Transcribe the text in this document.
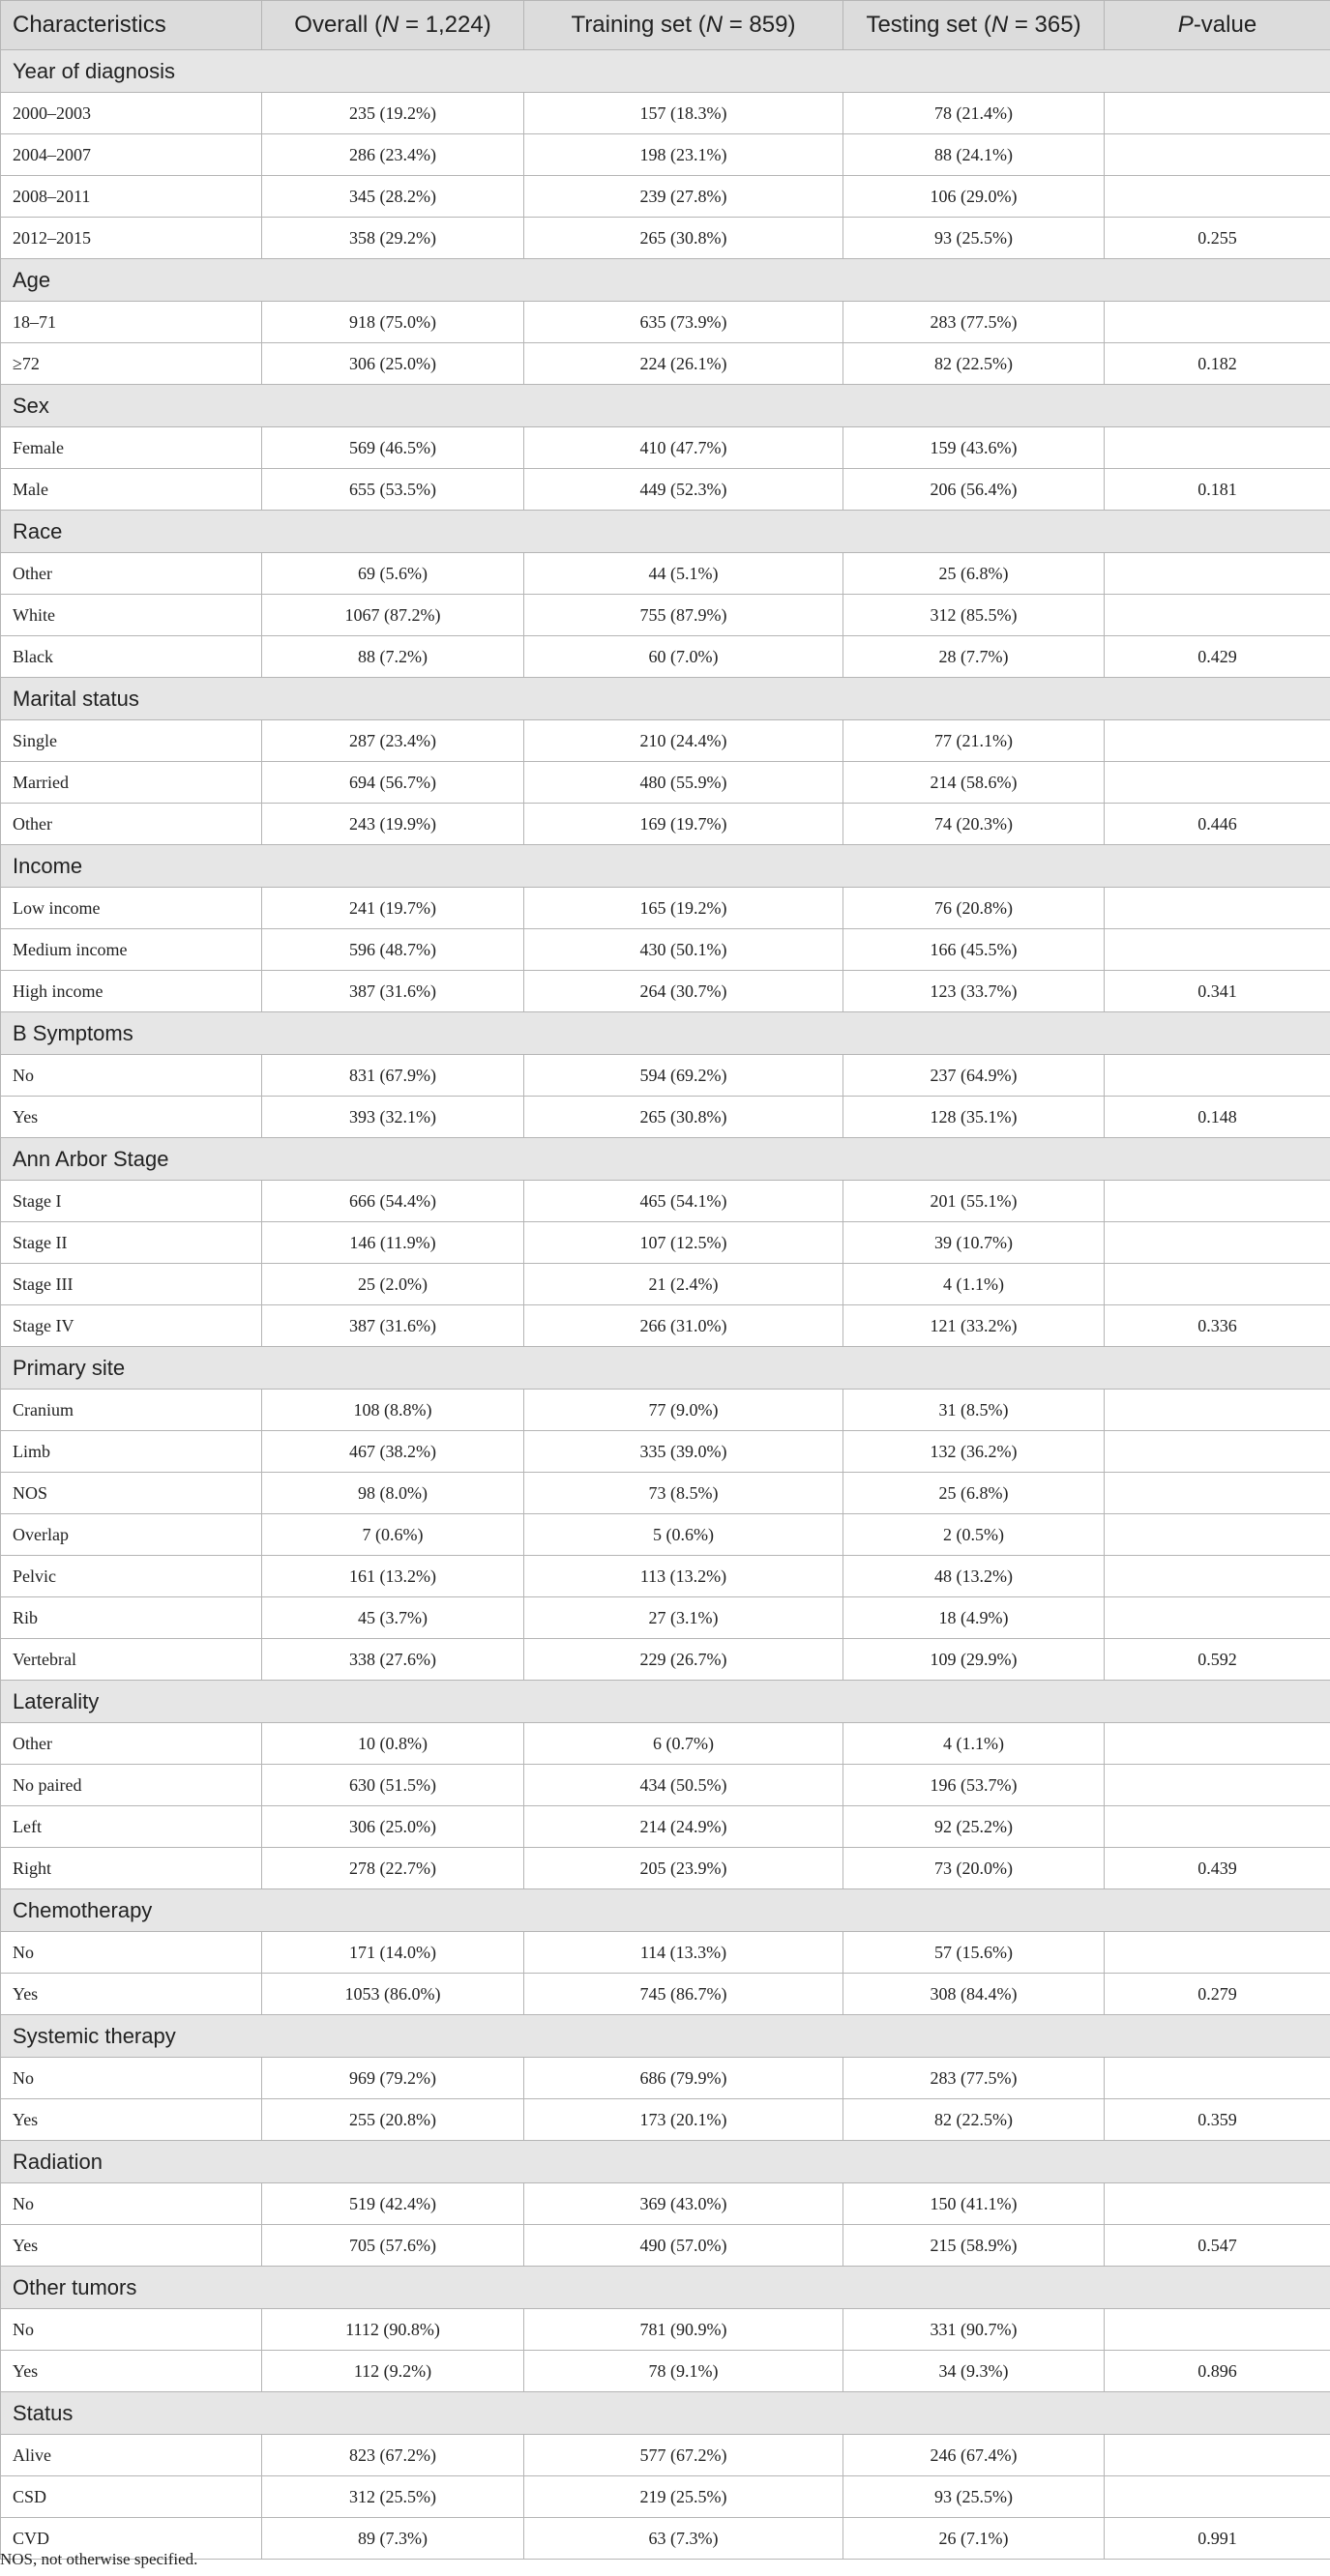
Characteristics	Overall (N = 1,224)	Training set (N = 859)	Testing set (N = 365)	P-value
Year of diagnosis				
2000–2003	235 (19.2%)	157 (18.3%)	78 (21.4%)	
2004–2007	286 (23.4%)	198 (23.1%)	88 (24.1%)	
2008–2011	345 (28.2%)	239 (27.8%)	106 (29.0%)	
2012–2015	358 (29.2%)	265 (30.8%)	93 (25.5%)	0.255
Age				
18–71	918 (75.0%)	635 (73.9%)	283 (77.5%)	
≥72	306 (25.0%)	224 (26.1%)	82 (22.5%)	0.182
Sex				
Female	569 (46.5%)	410 (47.7%)	159 (43.6%)	
Male	655 (53.5%)	449 (52.3%)	206 (56.4%)	0.181
Race				
Other	69 (5.6%)	44 (5.1%)	25 (6.8%)	
White	1067 (87.2%)	755 (87.9%)	312 (85.5%)	
Black	88 (7.2%)	60 (7.0%)	28 (7.7%)	0.429
Marital status				
Single	287 (23.4%)	210 (24.4%)	77 (21.1%)	
Married	694 (56.7%)	480 (55.9%)	214 (58.6%)	
Other	243 (19.9%)	169 (19.7%)	74 (20.3%)	0.446
Income				
Low income	241 (19.7%)	165 (19.2%)	76 (20.8%)	
Medium income	596 (48.7%)	430 (50.1%)	166 (45.5%)	
High income	387 (31.6%)	264 (30.7%)	123 (33.7%)	0.341
B Symptoms				
No	831 (67.9%)	594 (69.2%)	237 (64.9%)	
Yes	393 (32.1%)	265 (30.8%)	128 (35.1%)	0.148
Ann Arbor Stage				
Stage I	666 (54.4%)	465 (54.1%)	201 (55.1%)	
Stage II	146 (11.9%)	107 (12.5%)	39 (10.7%)	
Stage III	25 (2.0%)	21 (2.4%)	4 (1.1%)	
Stage IV	387 (31.6%)	266 (31.0%)	121 (33.2%)	0.336
Primary site				
Cranium	108 (8.8%)	77 (9.0%)	31 (8.5%)	
Limb	467 (38.2%)	335 (39.0%)	132 (36.2%)	
NOS	98 (8.0%)	73 (8.5%)	25 (6.8%)	
Overlap	7 (0.6%)	5 (0.6%)	2 (0.5%)	
Pelvic	161 (13.2%)	113 (13.2%)	48 (13.2%)	
Rib	45 (3.7%)	27 (3.1%)	18 (4.9%)	
Vertebral	338 (27.6%)	229 (26.7%)	109 (29.9%)	0.592
Laterality				
Other	10 (0.8%)	6 (0.7%)	4 (1.1%)	
No paired	630 (51.5%)	434 (50.5%)	196 (53.7%)	
Left	306 (25.0%)	214 (24.9%)	92 (25.2%)	
Right	278 (22.7%)	205 (23.9%)	73 (20.0%)	0.439
Chemotherapy				
No	171 (14.0%)	114 (13.3%)	57 (15.6%)	
Yes	1053 (86.0%)	745 (86.7%)	308 (84.4%)	0.279
Systemic therapy				
No	969 (79.2%)	686 (79.9%)	283 (77.5%)	
Yes	255 (20.8%)	173 (20.1%)	82 (22.5%)	0.359
Radiation				
No	519 (42.4%)	369 (43.0%)	150 (41.1%)	
Yes	705 (57.6%)	490 (57.0%)	215 (58.9%)	0.547
Other tumors				
No	1112 (90.8%)	781 (90.9%)	331 (90.7%)	
Yes	112 (9.2%)	78 (9.1%)	34 (9.3%)	0.896
Status				
Alive	823 (67.2%)	577 (67.2%)	246 (67.4%)	
CSD	312 (25.5%)	219 (25.5%)	93 (25.5%)	
CVD	89 (7.3%)	63 (7.3%)	26 (7.1%)	0.991
NOS, not otherwise specified.
